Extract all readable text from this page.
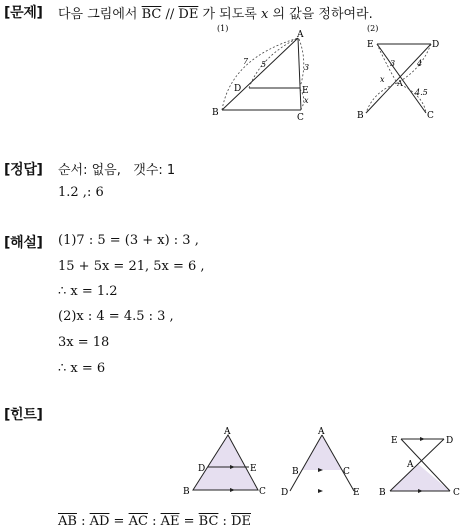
[문제] 다음 그림에서 $\overline{BC} // \overline{DE}$ 가 되도록 x 의 값을 정하여라.
(1)
A
B	C
D	E
5
7
3
x
(2)
E	D
A
B	C
3	4
x
4.5
[정답] 순서: 없음,   갯수: 1
1.2 ,: 6
[해설] (1)7 : 5 = (3 + x) : 3 ,
15 + 5x = 21, 5x = 6 ,
∴ x = 1.2
(2)x : 4 = 4.5 : 3 ,
3x = 18
∴ x = 6
[힌트]
A
B	C
D	E
A
B	C
D	E
E	D
A
B	C
$\overline{AB}$ : $\overline{AD} = \overline{AC}$ : $\overline{AE} = \overline{BC}$ : $\overline{DE}$
